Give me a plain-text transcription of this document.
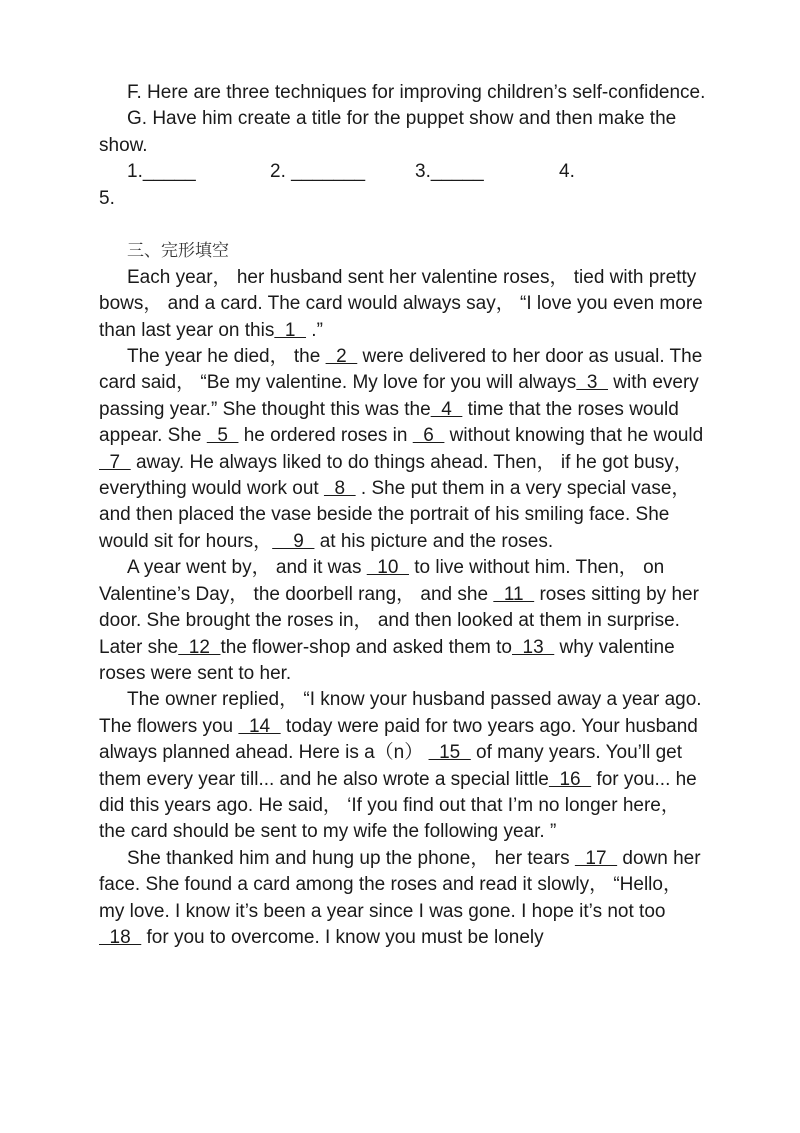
F. Here are three techniques for improving children’s self-confidence.

G. Have him create a title for the puppet show and then make the show.

1._____	2. _______	3._____	4.

5.

三、完形填空

Each year， her husband sent her valentine roses， tied with pretty bows， and a card. The card would always say， “I love you even more than last year on this  1   .”

The year he died， the   2   were delivered to her door as usual. The card said， “Be my valentine. My love for you will always  3   with every passing year.” She thought this was the  4   time that the roses would appear. She   5   he ordered roses in   6   without knowing that he would   7   away. He always liked to do things ahead. Then， if he got busy， everything would work out   8   . She put them in a very special vase， and then placed the vase beside the portrait of his smiling face. She would sit for hours，    9   at his picture and the roses.

A year went by， and it was   10   to live without him. Then， on Valentine’s Day， the doorbell rang， and she   11   roses sitting by her door. She brought the roses in， and then looked at them in surprise. Later she  12  the flower-shop and asked them to  13   why valentine roses were sent to her.

The owner replied， “I know your husband passed away a year ago. The flowers you   14   today were paid for two years ago. Your husband always planned ahead. Here is a（n）   15   of many years. You’ll get them every year till... and he also wrote a special little  16   for you... he did this years ago. He said， ‘If you find out that I’m no longer here， the card should be sent to my wife the following year. ”

She thanked him and hung up the phone， her tears   17   down her face. She found a card among the roses and read it slowly， “Hello， my love. I know it’s been a year since I was gone. I hope it’s not too   18   for you to overcome. I know you must be lonely
